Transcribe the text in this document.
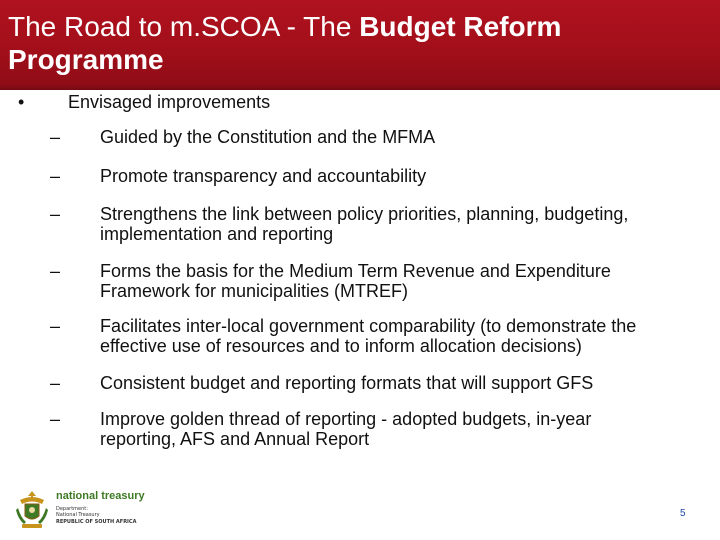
The Road to m.SCOA - The Budget Reform Programme
• Envisaged improvements
–	Guided by the Constitution and the MFMA
–	Promote transparency and accountability
–	Strengthens the link between policy priorities, planning, budgeting,
implementation and reporting
–	Forms the basis for the Medium Term Revenue and Expenditure
Framework for municipalities (MTREF)
–	Facilitates inter-local government comparability (to demonstrate the
effective use of resources and to inform allocation decisions)
–	Consistent budget and reporting formats that will support GFS
–	Improve golden thread of reporting - adopted budgets, in-year
reporting, AFS and Annual Report
national treasury
Department:
National Treasury
REPUBLIC OF SOUTH AFRICA
5
